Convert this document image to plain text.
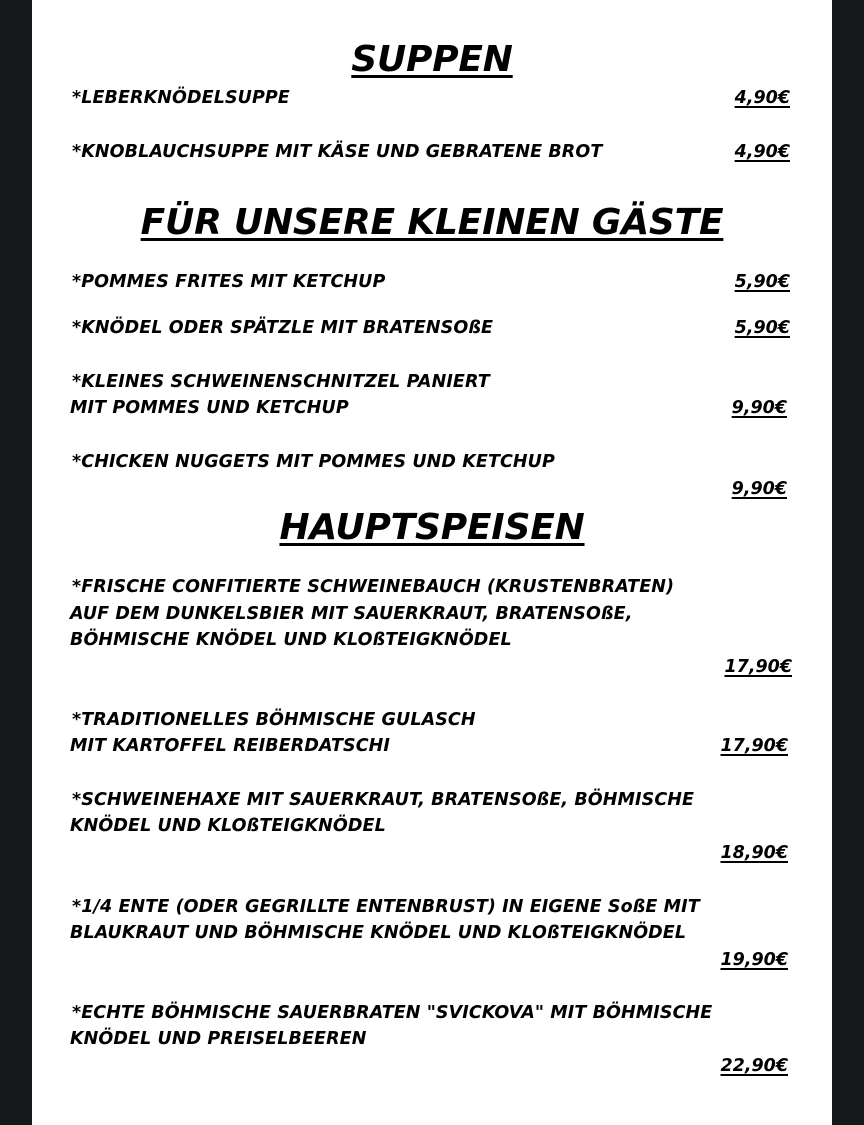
SUPPEN
*LEBERKNÖDELSUPPE	4,90€
*KNOBLAUCHSUPPE MIT KÄSE UND GEBRATENE BROT	4,90€
FÜR UNSERE KLEINEN GÄSTE
*POMMES FRITES MIT KETCHUP	5,90€
*KNÖDEL ODER SPÄTZLE MIT BRATENSOßE	5,90€
*KLEINES SCHWEINENSCHNITZEL PANIERT
MIT POMMES UND KETCHUP	9,90€
*CHICKEN NUGGETS MIT POMMES UND KETCHUP
9,90€
HAUPTSPEISEN
*FRISCHE CONFITIERTE SCHWEINEBAUCH (KRUSTENBRATEN)
AUF DEM DUNKELSBIER MIT SAUERKRAUT, BRATENSOßE,
BÖHMISCHE KNÖDEL UND KLOßTEIGKNÖDEL
17,90€
*TRADITIONELLES BÖHMISCHE GULASCH
MIT KARTOFFEL REIBERDATSCHI	17,90€
*SCHWEINEHAXE MIT SAUERKRAUT, BRATENSOßE, BÖHMISCHE
KNÖDEL UND KLOßTEIGKNÖDEL
18,90€
*1/4 ENTE (ODER GEGRILLTE ENTENBRUST) IN EIGENE SoßE MIT
BLAUKRAUT UND BÖHMISCHE KNÖDEL UND KLOßTEIGKNÖDEL
19,90€
*ECHTE BÖHMISCHE SAUERBRATEN "SVICKOVA" MIT BÖHMISCHE
KNÖDEL UND PREISELBEEREN
22,90€
